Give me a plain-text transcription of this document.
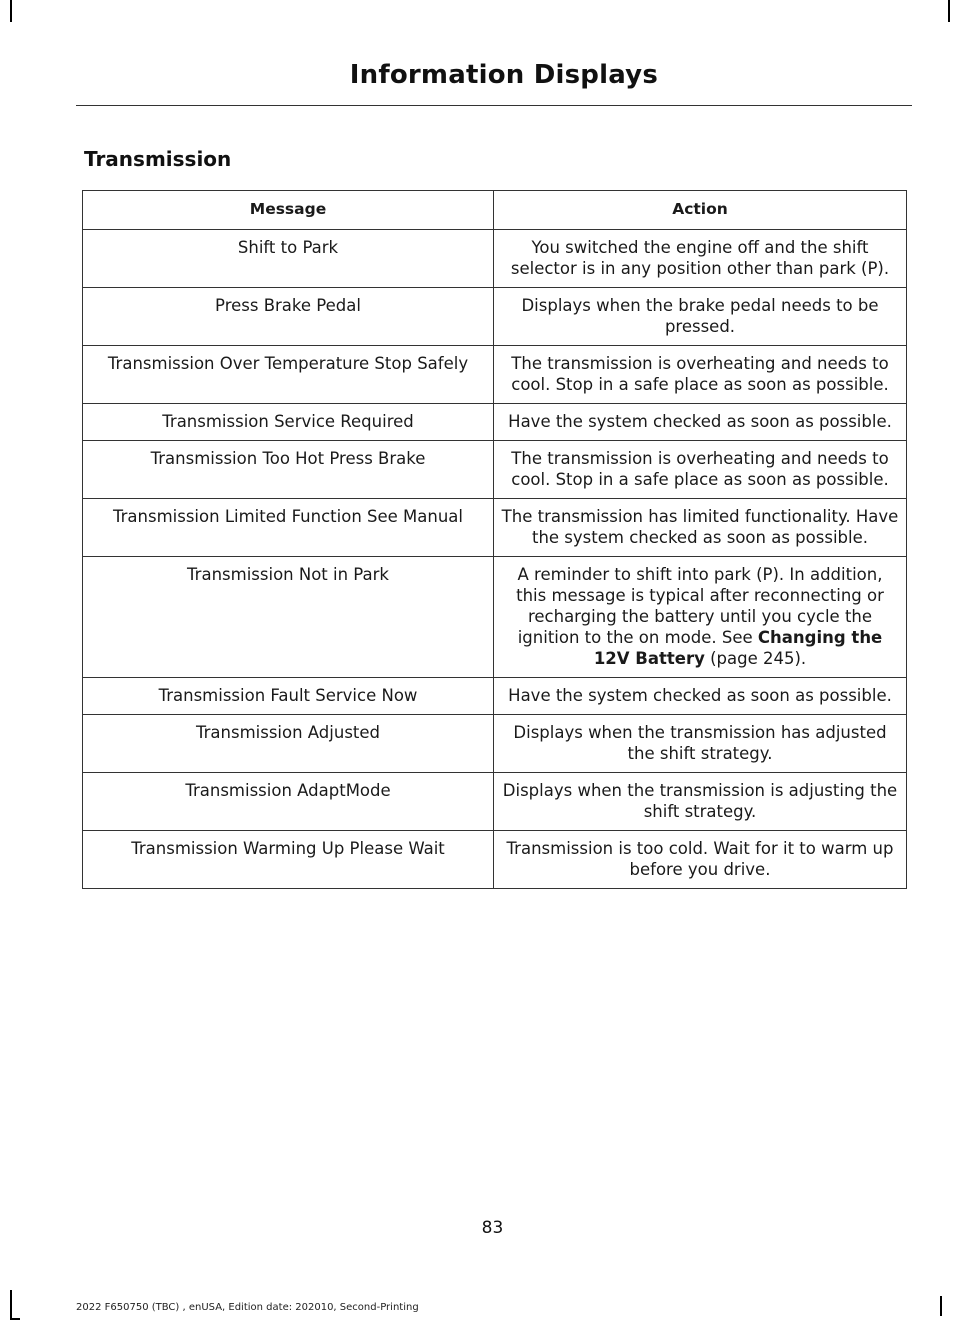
Information Displays
Transmission
Message	Action
Shift to Park	You switched the engine off and the shift selector is in any position other than park (P).
Press Brake Pedal	Displays when the brake pedal needs to be pressed.
Transmission Over Temperature Stop Safely	The transmission is overheating and needs to cool. Stop in a safe place as soon as possible.
Transmission Service Required	Have the system checked as soon as possible.
Transmission Too Hot Press Brake	The transmission is overheating and needs to cool. Stop in a safe place as soon as possible.
Transmission Limited Function See Manual	The transmission has limited functionality. Have the system checked as soon as possible.
Transmission Not in Park	A reminder to shift into park (P). In addition, this message is typical after reconnecting or recharging the battery until you cycle the ignition to the on mode. See Changing the 12V Battery (page 245).
Transmission Fault Service Now	Have the system checked as soon as possible.
Transmission Adjusted	Displays when the transmission has adjusted the shift strategy.
Transmission AdaptMode	Displays when the transmission is adjusting the shift strategy.
Transmission Warming Up Please Wait	Transmission is too cold. Wait for it to warm up before you drive.
83
2022 F650750 (TBC) , enUSA, Edition date: 202010, Second-Printing
